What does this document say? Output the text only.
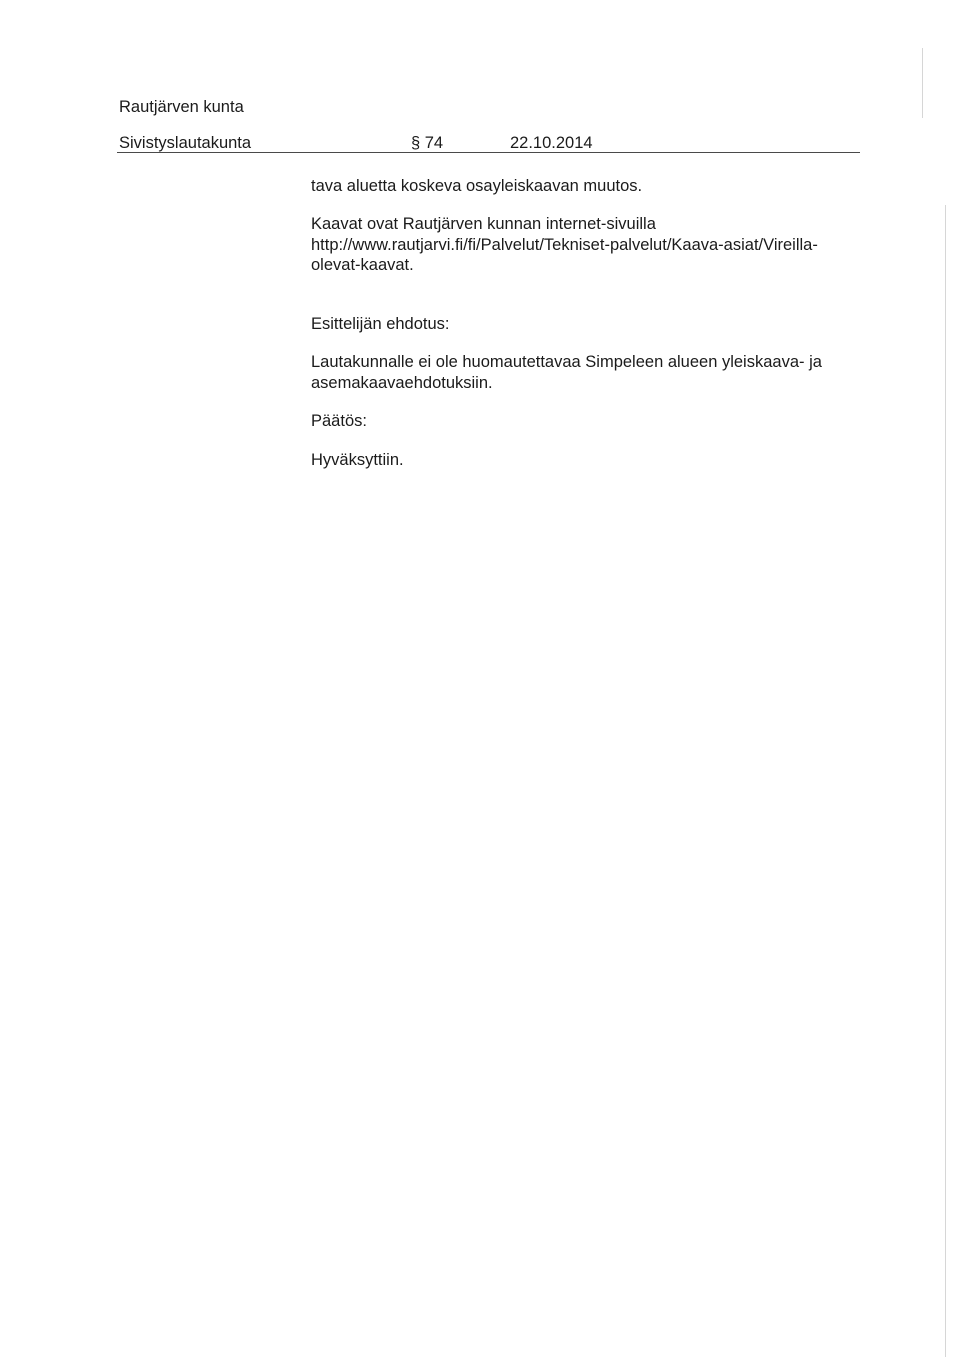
Rautjärven kunta
Sivistyslautakunta	§ 74	22.10.2014
tava aluetta koskeva osayleiskaavan muutos.
Kaavat ovat Rautjärven kunnan internet-sivuilla
http://www.rautjarvi.fi/fi/Palvelut/Tekniset-palvelut/Kaava-asiat/Vireilla-
olevat-kaavat.
Esittelijän ehdotus:
Lautakunnalle ei ole huomautettavaa Simpeleen alueen yleiskaava- ja
asemakaavaehdotuksiin.
Päätös:
Hyväksyttiin.
